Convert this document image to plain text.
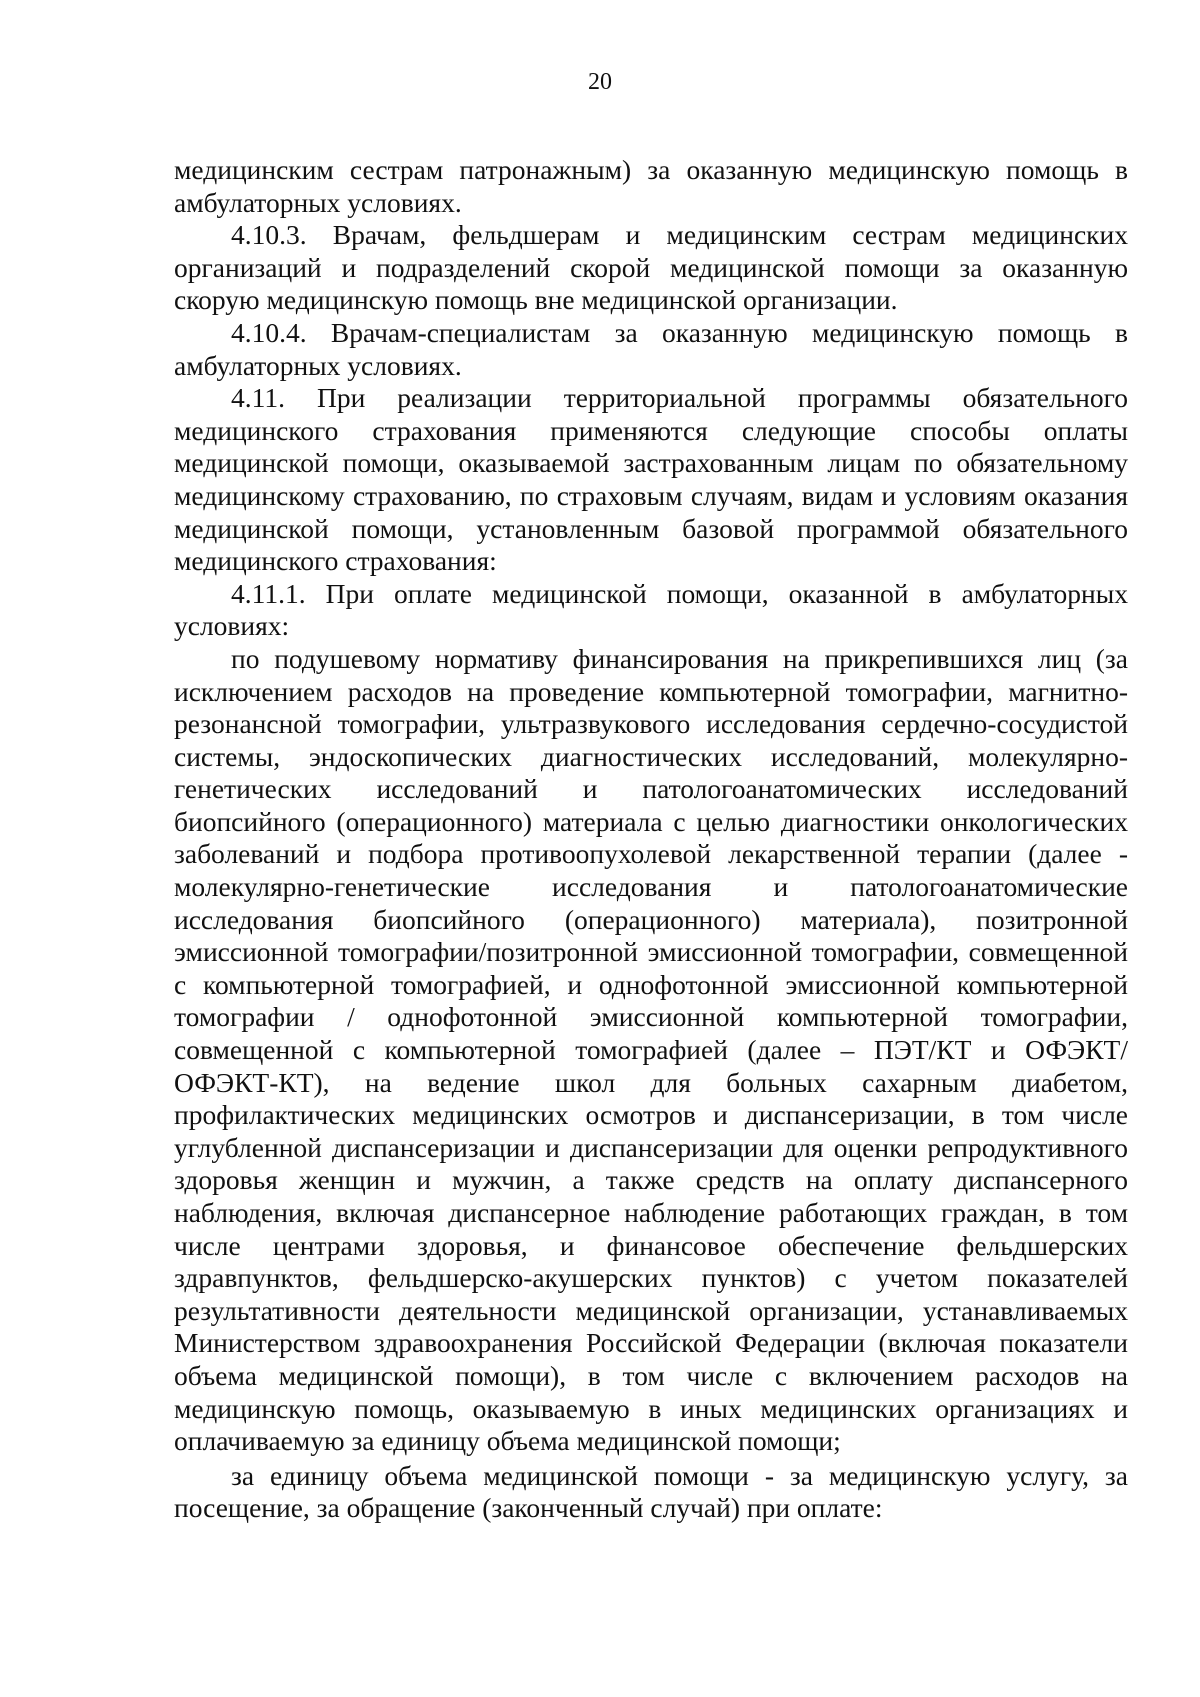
20

медицинским сестрам патронажным) за оказанную медицинскую помощь в амбулаторных условиях.

4.10.3. Врачам, фельдшерам и медицинским сестрам медицинских организаций и подразделений скорой медицинской помощи за оказанную скорую медицинскую помощь вне медицинской организации.

4.10.4. Врачам-специалистам за оказанную медицинскую помощь в амбулаторных условиях.

4.11. При реализации территориальной программы обязательного медицинского страхования применяются следующие способы оплаты медицинской помощи, оказываемой застрахованным лицам по обязательному медицинскому страхованию, по страховым случаям, видам и условиям оказания медицинской помощи, установленным базовой программой обязательного медицинского страхования:

4.11.1. При оплате медицинской помощи, оказанной в амбулаторных условиях:

по подушевому нормативу финансирования на прикрепившихся лиц (за исключением расходов на проведение компьютерной томографии, магнитно-резонансной томографии, ультразвукового исследования сердечно-сосудистой системы, эндоскопических диагностических исследований, молекулярно-генетических исследований и патологоанатомических исследований биопсийного (операционного) материала с целью диагностики онкологических заболеваний и подбора противоопухолевой лекарственной терапии (далее - молекулярно-генетические исследования и патологоанатомические исследования биопсийного (операционного) материала), позитронной эмиссионной томографии/позитронной эмиссионной томографии, совмещенной с компьютерной томографией, и однофотонной эмиссионной компьютерной томографии / однофотонной эмиссионной компьютерной томографии, совмещенной с компьютерной томографией (далее – ПЭТ/КТ и ОФЭКТ/ОФЭКТ-КТ), на ведение школ для больных сахарным диабетом, профилактических медицинских осмотров и диспансеризации, в том числе углубленной диспансеризации и диспансеризации для оценки репродуктивного здоровья женщин и мужчин, а также средств на оплату диспансерного наблюдения, включая диспансерное наблюдение работающих граждан, в том числе центрами здоровья, и финансовое обеспечение фельдшерских здравпунктов, фельдшерско-акушерских пунктов) с учетом показателей результативности деятельности медицинской организации, устанавливаемых Министерством здравоохранения Российской Федерации (включая показатели объема медицинской помощи), в том числе с включением расходов на медицинскую помощь, оказываемую в иных медицинских организациях и оплачиваемую за единицу объема медицинской помощи;

за единицу объема медицинской помощи - за медицинскую услугу, за посещение, за обращение (законченный случай) при оплате:
